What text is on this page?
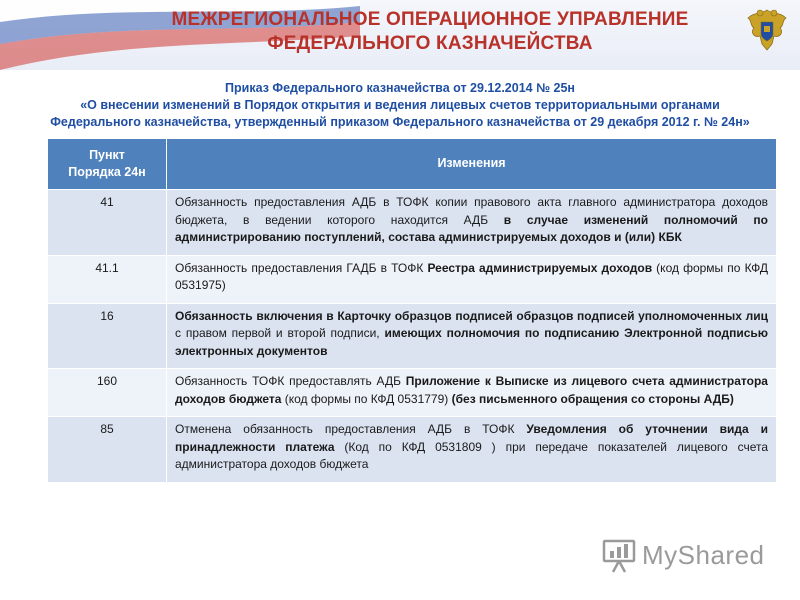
МЕЖРЕГИОНАЛЬНОЕ ОПЕРАЦИОННОЕ УПРАВЛЕНИЕ
ФЕДЕРАЛЬНОГО КАЗНАЧЕЙСТВА
Приказ Федерального казначейства от 29.12.2014 № 25н
«О внесении изменений в Порядок открытия и ведения лицевых счетов территориальными органами
Федерального казначейства, утвержденный приказом Федерального казначейства от 29 декабря 2012 г. № 24н»
Пункт
Порядка 24н	Изменения
41	Обязанность предоставления АДБ в ТОФК копии правового акта главного администратора доходов бюджета, в ведении которого находится АДБ в случае изменений полномочий по администрированию поступлений, состава администрируемых доходов и (или) КБК
41.1	Обязанность предоставления ГАДБ в ТОФК Реестра администрируемых доходов (код формы по КФД 0531975)
16	Обязанность включения в Карточку образцов подписей образцов подписей уполномоченных лиц с правом первой и второй подписи, имеющих полномочия по подписанию Электронной подписью электронных документов
160	Обязанность ТОФК предоставлять АДБ Приложение к Выписке из лицевого счета администратора доходов бюджета (код формы по КФД 0531779) (без письменного обращения со стороны АДБ)
85	Отменена обязанность предоставления АДБ в ТОФК Уведомления об уточнении вида и принадлежности платежа (Код по КФД 0531809 ) при передаче показателей лицевого счета администратора доходов бюджета
MyShared
